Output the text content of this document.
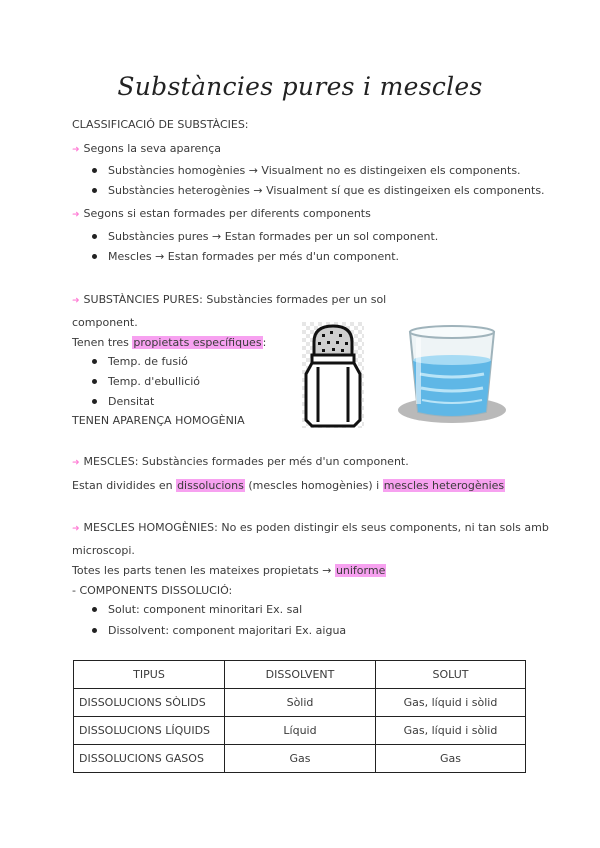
Substàncies pures i mescles
CLASSIFICACIÓ DE SUBSTÀCIES:
➜ Segons la seva aparença
Substàncies homogènies → Visualment no es distingeixen els components.
Substàncies heterogènies → Visualment sí que es distingeixen els components.
➜ Segons si estan formades per diferents components
Substàncies pures → Estan formades per un sol component.
Mescles → Estan formades per més d'un component.
➜ SUBSTÀNCIES PURES: Substàncies formades per un sol
component.
Tenen tres propietats específiques:
Temp. de fusió
Temp. d'ebullició
Densitat
TENEN APARENÇA HOMOGÈNIA
➜ MESCLES: Substàncies formades per més d'un component.
Estan dividides en dissolucions (mescles homogènies) i mescles heterogènies
➜ MESCLES HOMOGÈNIES: No es poden distingir els seus components, ni tan sols amb
microscopi.
Totes les parts tenen les mateixes propietats → uniforme
- COMPONENTS DISSOLUCIÓ:
Solut: component minoritari Ex. sal
Dissolvent: component majoritari Ex. aigua
TIPUS	DISSOLVENT	SOLUT
DISSOLUCIONS SÒLIDS	Sòlid	Gas, líquid i sòlid
DISSOLUCIONS LÍQUIDS	Líquid	Gas, líquid i sòlid
DISSOLUCIONS GASOS	Gas	Gas
